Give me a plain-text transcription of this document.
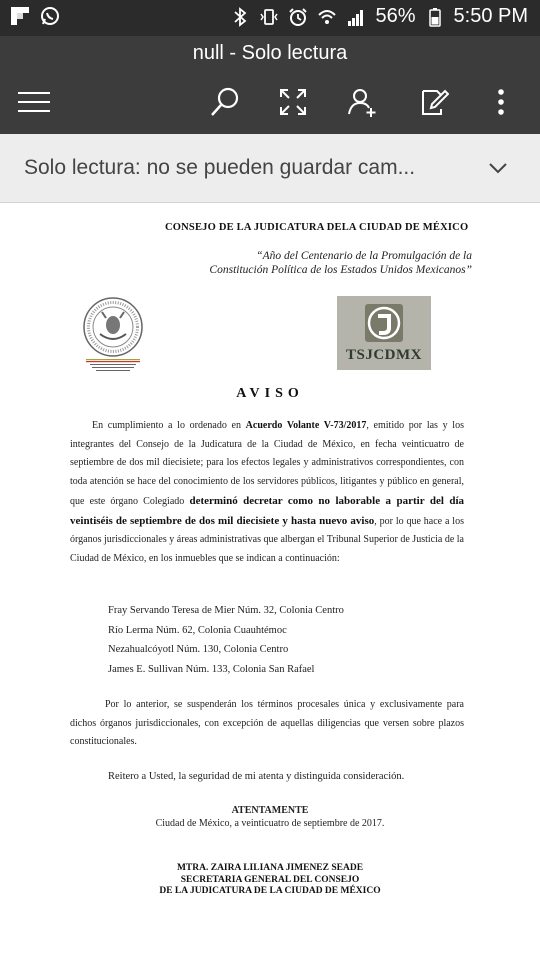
56% 5:50 PM
null - Solo lectura
Solo lectura: no se pueden guardar cam...
CONSEJO DE LA JUDICATURA DELA CIUDAD DE MÉXICO
“Año del Centenario de la Promulgación de la
Constitución Política de los Estados Unidos Mexicanos”
TSJCDMX
AVISO
En cumplimiento a lo ordenado en Acuerdo Volante V-73/2017, emitido por las y los integrantes del Consejo de la Judicatura de la Ciudad de México, en fecha veinticuatro de septiembre de dos mil diecisiete; para los efectos legales y administrativos correspondientes, con toda atención se hace del conocimiento de los servidores públicos, litigantes y público en general, que este órgano Colegiado determinó decretar como no laborable a partir del día veintiséis de septiembre de dos mil diecisiete y hasta nuevo aviso, por lo que hace a los órganos jurisdiccionales y áreas administrativas que albergan el Tribunal Superior de Justicia de la Ciudad de México, en los inmuebles que se indican a continuación:
Fray Servando Teresa de Mier Núm. 32, Colonia Centro
Río Lerma Núm. 62, Colonia Cuauhtémoc
Nezahualcóyotl Núm. 130, Colonia Centro
James E. Sullivan Núm. 133, Colonia San Rafael
Por lo anterior, se suspenderán los términos procesales única y exclusivamente para dichos órganos jurisdiccionales, con excepción de aquellas diligencias que versen sobre plazos constitucionales.
Reitero a Usted, la seguridad de mi atenta y distinguida consideración.
ATENTAMENTE
Ciudad de México, a veinticuatro de septiembre de 2017.
MTRA. ZAIRA LILIANA JIMENEZ SEADE
SECRETARIA GENERAL DEL CONSEJO
DE LA JUDICATURA DE LA CIUDAD DE MÉXICO
